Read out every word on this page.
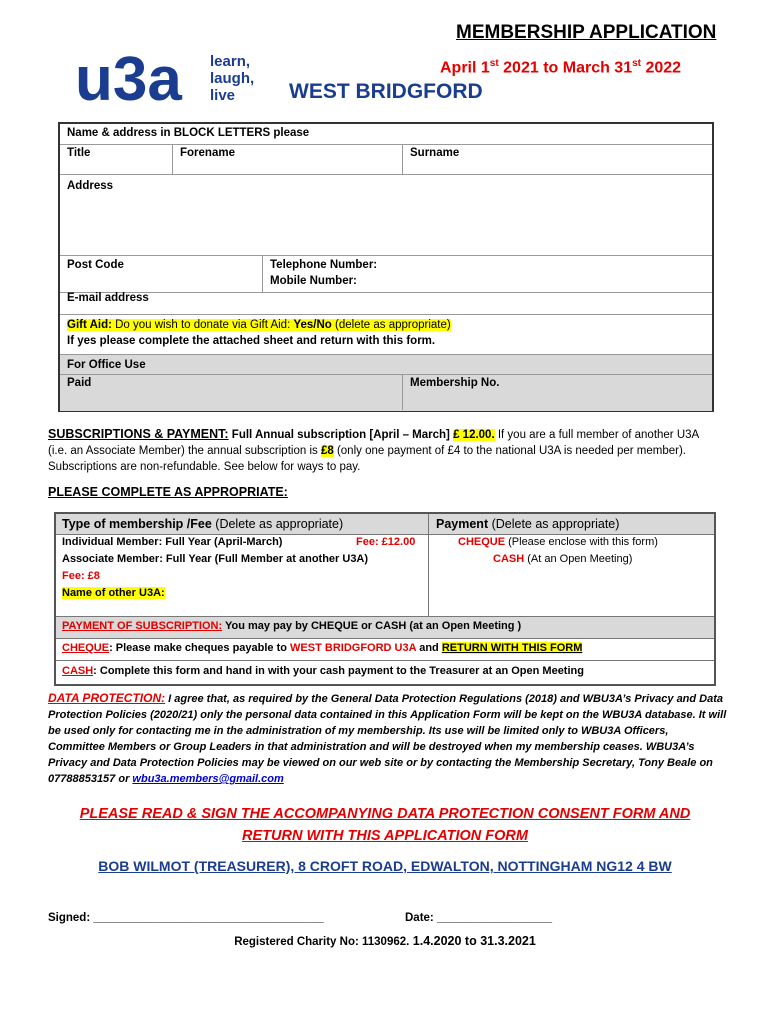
MEMBERSHIP APPLICATION
April 1st 2021 to March 31st 2022
WEST BRIDGFORD
u3a learn,
laugh,
live
Name & address in BLOCK LETTERS please
Title	Forename	Surname
Address
Post Code	Telephone Number:
Mobile Number:
E-mail address
Gift Aid: Do you wish to donate via Gift Aid: Yes/No (delete as appropriate)
If yes please complete the attached sheet and return with this form.
For Office Use
Paid	Membership No.
SUBSCRIPTIONS & PAYMENT: Full Annual subscription [April – March] £ 12.00. If you are a full member of another U3A (i.e. an Associate Member) the annual subscription is £8 (only one payment of £4 to the national U3A is needed per member). Subscriptions are non-refundable. See below for ways to pay.
PLEASE COMPLETE AS APPROPRIATE:
Type of membership /Fee (Delete as appropriate)	Payment (Delete as appropriate)
Individual Member: Full Year (April-March)	Fee: £12.00
Associate Member: Full Year (Full Member at another U3A)
Fee: £8
Name of other U3A:
CHEQUE (Please enclose with this form)
CASH (At an Open Meeting)
PAYMENT OF SUBSCRIPTION: You may pay by CHEQUE or CASH (at an Open Meeting )
CHEQUE: Please make cheques payable to WEST BRIDGFORD U3A and RETURN WITH THIS FORM
CASH: Complete this form and hand in with your cash payment to the Treasurer at an Open Meeting
DATA PROTECTION: I agree that, as required by the General Data Protection Regulations (2018) and WBU3A’s Privacy and Data Protection Policies (2020/21) only the personal data contained in this Application Form will be kept on the WBU3A database. It will be used only for contacting me in the administration of my membership. Its use will be limited only to WBU3A Officers, Committee Members or Group Leaders in that administration and will be destroyed when my membership ceases. WBU3A’s Privacy and Data Protection Policies may be viewed on our web site or by contacting the Membership Secretary, Tony Beale on 07788853157 or wbu3a.members@gmail.com
PLEASE READ & SIGN THE ACCOMPANYING DATA PROTECTION CONSENT FORM AND
RETURN WITH THIS APPLICATION FORM
BOB WILMOT (TREASURER), 8 CROFT ROAD, EDWALTON, NOTTINGHAM NG12 4 BW
Signed: ____________________________________	Date: __________________
Registered Charity No: 1130962. 1.4.2020 to 31.3.2021
